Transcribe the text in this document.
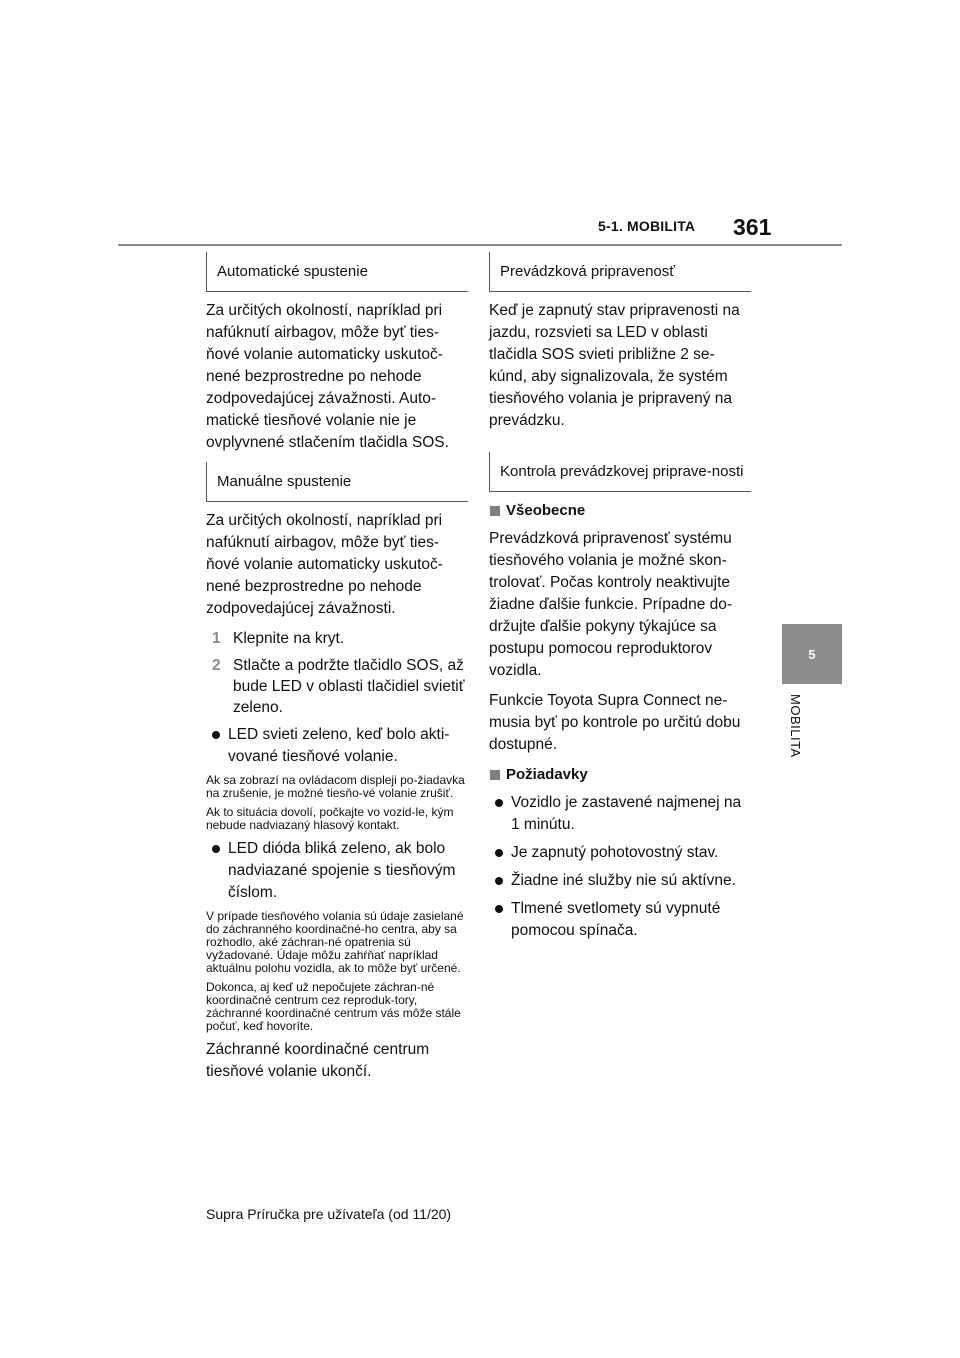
5-1. MOBILITA 361
5
MOBILITA
Automatické spustenie

Za určitých okolností, napríklad pri nafúknutí airbagov, môže byť ties-ňové volanie automaticky uskutoč-nené bezprostredne po nehode zodpovedajúcej závažnosti. Auto-matické tiesňové volanie nie je ovplyvnené stlačením tlačidla SOS.

Manuálne spustenie

Za určitých okolností, napríklad pri nafúknutí airbagov, môže byť ties-ňové volanie automaticky uskutoč-nené bezprostredne po nehode zodpovedajúcej závažnosti.

1 Klepnite na kryt.
2 Stlačte a podržte tlačidlo SOS, až bude LED v oblasti tlačidiel svietiť zeleno.
LED svieti zeleno, keď bolo akti-vované tiesňové volanie.

Ak sa zobrazí na ovládacom displeji po-žiadavka na zrušenie, je možné tiesňo-vé volanie zrušiť.

Ak to situácia dovolí, počkajte vo vozid-le, kým nebude nadviazaný hlasový kontakt.

LED dióda bliká zeleno, ak bolo nadviazané spojenie s tiesňovým číslom.

V prípade tiesňového volania sú údaje zasielané do záchranného koordinačné-ho centra, aby sa rozhodlo, aké záchran-né opatrenia sú vyžadované. Údaje môžu zahŕňať napríklad aktuálnu polohu vozidla, ak to môže byť určené.

Dokonca, aj keď už nepočujete záchran-né koordinačné centrum cez reproduk-tory, záchranné koordinačné centrum vás môže stále počuť, keď hovoríte.

Záchranné koordinačné centrum tiesňové volanie ukončí.

Prevádzková pripravenosť

Keď je zapnutý stav pripravenosti na jazdu, rozsvieti sa LED v oblasti tlačidla SOS svieti približne 2 se-kúnd, aby signalizovala, že systém tiesňového volania je pripravený na prevádzku.

Kontrola prevádzkovej priprave-nosti
Všeobecne

Prevádzková pripravenosť systému tiesňového volania je možné skon-trolovať. Počas kontroly neaktivujte žiadne ďalšie funkcie. Prípadne do-držujte ďalšie pokyny týkajúce sa postupu pomocou reproduktorov vozidla.

Funkcie Toyota Supra Connect ne-musia byť po kontrole po určitú dobu dostupné.

Požiadavky
Vozidlo je zastavené najmenej na 1 minútu.
Je zapnutý pohotovostný stav.
Žiadne iné služby nie sú aktívne.
Tlmené svetlomety sú vypnuté pomocou spínača.
Supra Príručka pre užívateľa (od 11/20)
